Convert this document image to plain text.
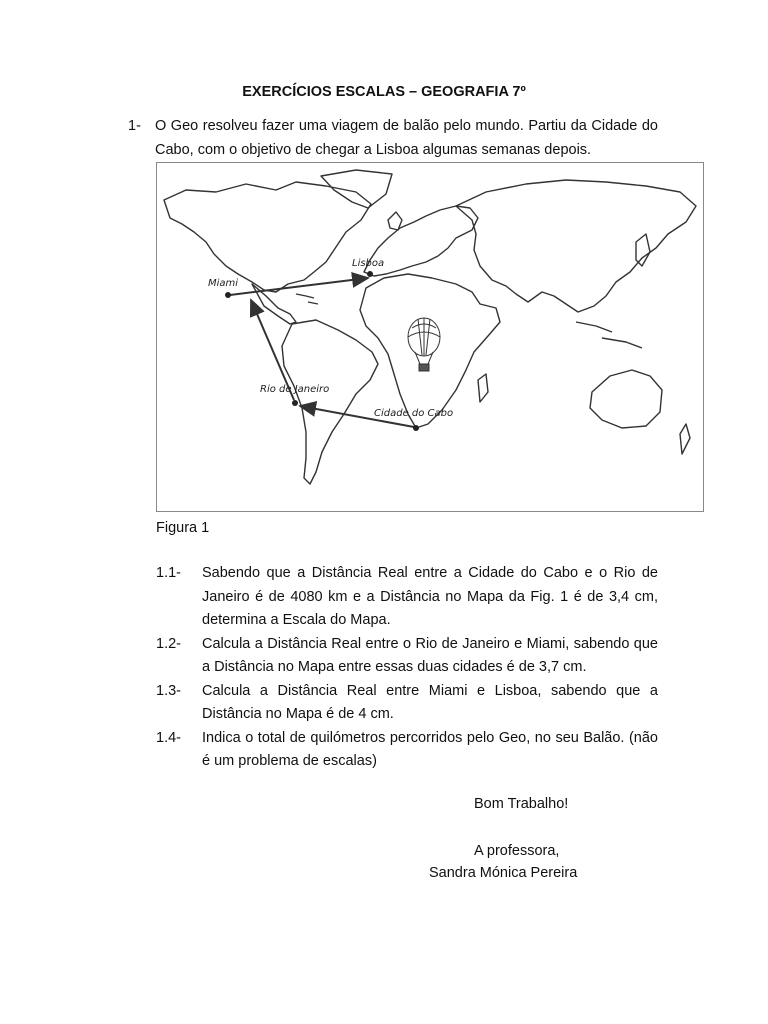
EXERCÍCIOS ESCALAS – GEOGRAFIA 7º
1- O Geo resolveu fazer uma viagem de balão pelo mundo. Partiu da Cidade do Cabo, com o objetivo de chegar a Lisboa algumas semanas depois.
Miami
Lisboa
Rio de Janeiro
Cidade do Cabo
Figura 1
1.1- Sabendo que a Distância Real entre a Cidade do Cabo e o Rio de Janeiro é de 4080 km e a Distância no Mapa da Fig. 1 é de 3,4 cm, determina a Escala do Mapa.
1.2- Calcula a Distância Real entre o Rio de Janeiro e Miami, sabendo que a Distância no Mapa entre essas duas cidades é de 3,7 cm.
1.3- Calcula a Distância Real entre Miami e Lisboa, sabendo que a Distância no Mapa é de 4 cm.
1.4- Indica o total de quilómetros percorridos pelo Geo, no seu Balão. (não é um problema de escalas)
Bom Trabalho!
A professora,
Sandra Mónica Pereira
